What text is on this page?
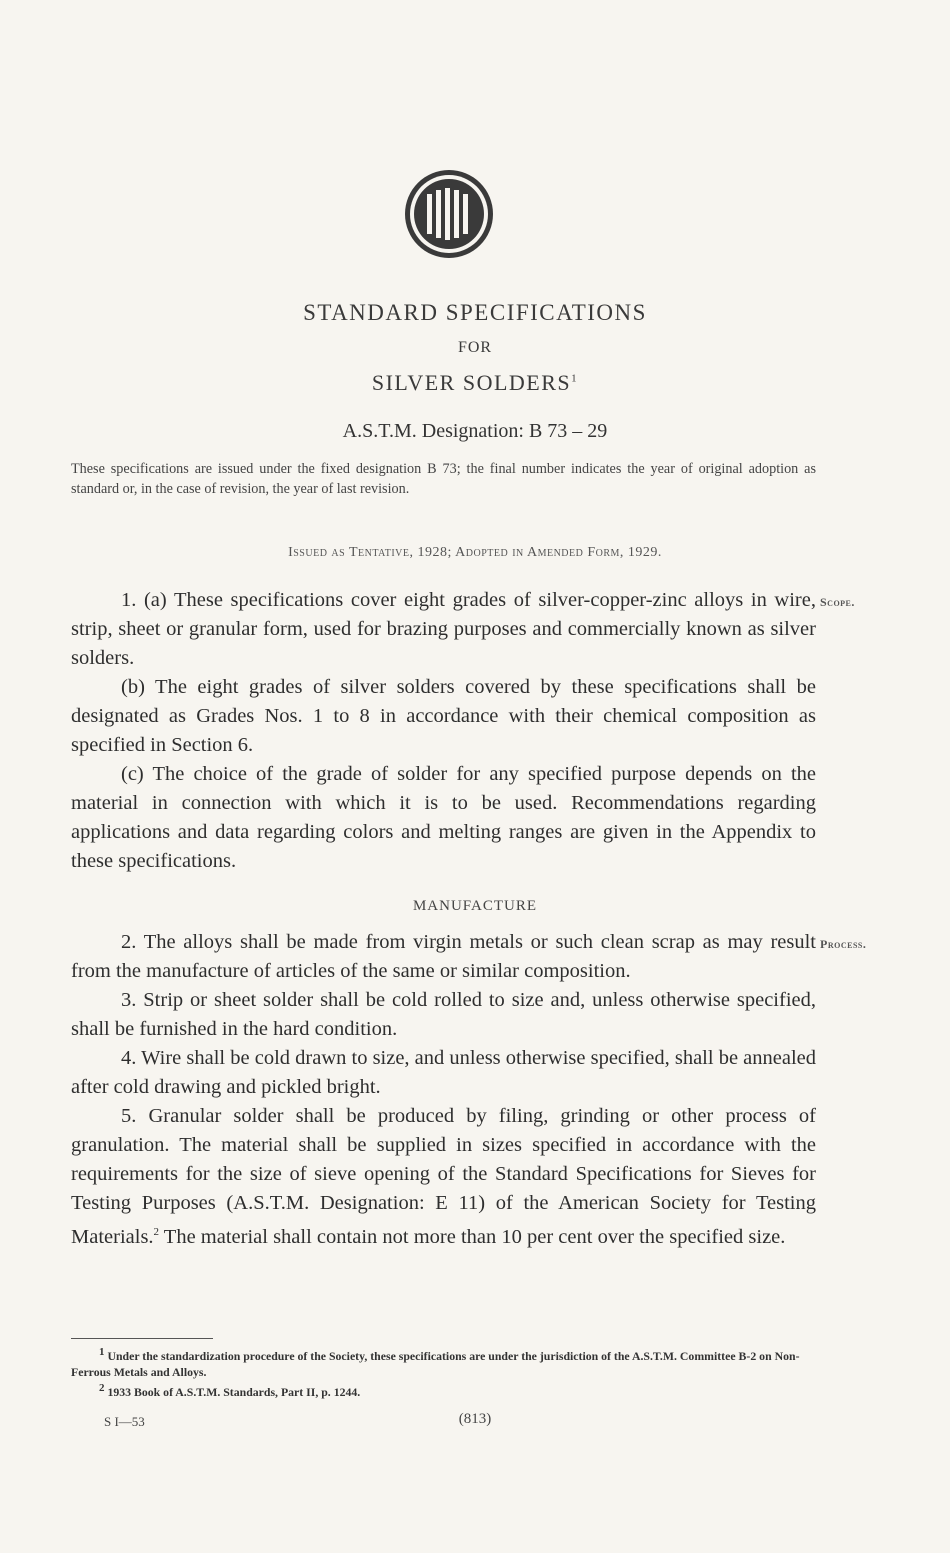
STANDARD SPECIFICATIONS
FOR
SILVER SOLDERS$^1$
A.S.T.M. Designation: B 73 – 29
These specifications are issued under the fixed designation B 73; the final number indicates the year of original adoption as standard or, in the case of revision, the year of last revision.
Issued as Tentative, 1928; Adopted in Amended Form, 1929.
Scope.

1. (a) These specifications cover eight grades of silver-copper-zinc alloys in wire, strip, sheet or granular form, used for brazing purposes and commercially known as silver solders.

(b) The eight grades of silver solders covered by these specifications shall be designated as Grades Nos. 1 to 8 in accordance with their chemical composition as specified in Section 6.

(c) The choice of the grade of solder for any specified purpose depends on the material in connection with which it is to be used. Recommendations regarding applications and data regarding colors and melting ranges are given in the Appendix to these specifications.

MANUFACTURE
Process.

2. The alloys shall be made from virgin metals or such clean scrap as may result from the manufacture of articles of the same or similar composition.

3. Strip or sheet solder shall be cold rolled to size and, unless otherwise specified, shall be furnished in the hard condition.

4. Wire shall be cold drawn to size, and unless otherwise specified, shall be annealed after cold drawing and pickled bright.

5. Granular solder shall be produced by filing, grinding or other process of granulation. The material shall be supplied in sizes specified in accordance with the requirements for the size of sieve opening of the Standard Specifications for Sieves for Testing Purposes (A.S.T.M. Designation: E 11) of the American Society for Testing Materials.$^2$ The material shall contain not more than 10 per cent over the specified size.

$^1$ Under the standardization procedure of the Society, these specifications are under the jurisdiction of the A.S.T.M. Committee B-2 on Non-Ferrous Metals and Alloys.

$^2$ 1933 Book of A.S.T.M. Standards, Part II, p. 1244.

S I—53	(813)
